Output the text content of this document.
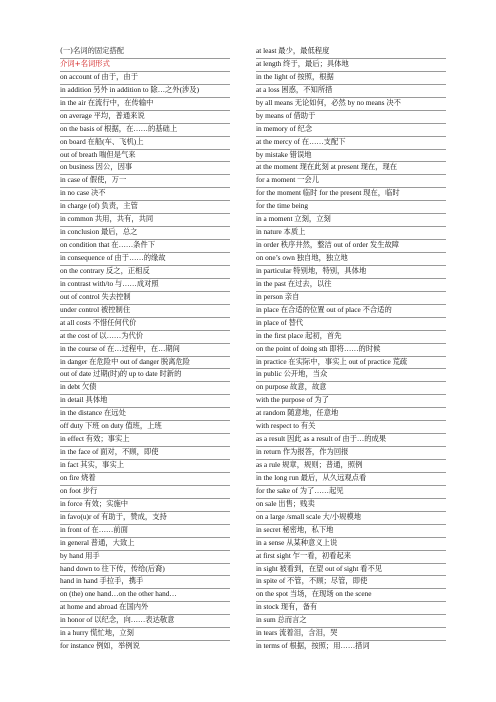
(一)名词的固定搭配
介词+名词形式
on account of 由于，由于
in addition 另外 in addition to 除…之外(涉及)
in the air 在流行中，在传输中
on average 平均，普通来说
on the basis of 根据，在……的基础上
on board 在船(车、飞机)上
out of breath 喘但是气来
on business 因公，因事
in case of 假使，万一
in no case 决不
in charge (of) 负责，主管
in common 共用，共有，共同
in conclusion 最后，总之
on condition that 在……条件下
in consequence of 由于……的缘故
on the contrary 反之，正相反
in contrast with/to 与……成对照
out of control 失去控制
under control 被控制住
at all costs 不惜任何代价
at the cost of 以……为代价
in the course of 在…过程中，在…期间
in danger 在危险中 out of danger 脱离危险
out of date 过期(时)的 up to date 时新的
in debt 欠债
in detail 具体地
in the distance 在远处
off duty 下班 on duty 值班，上班
in effect 有效；事实上
in the face of 面对，不顾，即使
in fact 其实，事实上
on fire 烧着
on foot 步行
in force 有效；实施中
in favo(u)r of 有助于，赞成，支持
in front of 在……前面
in general 普通，大致上
by hand 用手
hand down to 往下传，传给(后裔)
hand in hand 手拉手，携手
on (the) one hand…on the other hand…
at home and abroad 在国内外
in honor of 以纪念，向……表达敬意
in a hurry 慌忙地，立刻
for instance 例如，举例说
at least 最少，最低程度
at length 终于，最后；具体地
in the light of 按照，根据
at a loss 困惑，不知所措
by all means 无论如何，必然 by no means 决不
by means of 借助于
in memory of 纪念
at the mercy of 在……支配下
by mistake 错误地
at the moment 现在此刻 at present 现在，现在
for a moment 一会儿
for the moment 临时 for the present 现在，临时
for the time being
in a moment 立刻，立刻
in nature 本质上
in order 秩序井然，整洁 out of order 发生故障
on one’s own 独自地，独立地
in particular 特别地，特别，具体地
in the past 在过去，以往
in person 亲自
in place 在合适的位置 out of place 不合适的
in place of 替代
in the first place 起初，首先
on the point of doing sth 即将……的时候
in practice 在实际中，事实上 out of practice 荒疏
in public 公开地，当众
on purpose 故意，故意
with the purpose of 为了
at random 随意地，任意地
with respect to 有关
as a result 因此 as a result of 由于…的成果
in return 作为报答，作为回报
as a rule 规章，规则；普通，照例
in the long run 最后，从久远观点看
for the sake of 为了……起见
on sale 出售；贱卖
on a large /small scale 大/小规模地
in secret 秘密地，私下地
in a sense 从某种意义上说
at first sight 乍一看，初看起来
in sight 被看到，在望 out of sight 看不见
in spite of 不管，不顾；尽管，即使
on the spot 当场，在现场 on the scene
in stock 现有，备有
in sum 总而言之
in tears 流着泪，含泪，哭
in terms of 根据，按照；用……措词
